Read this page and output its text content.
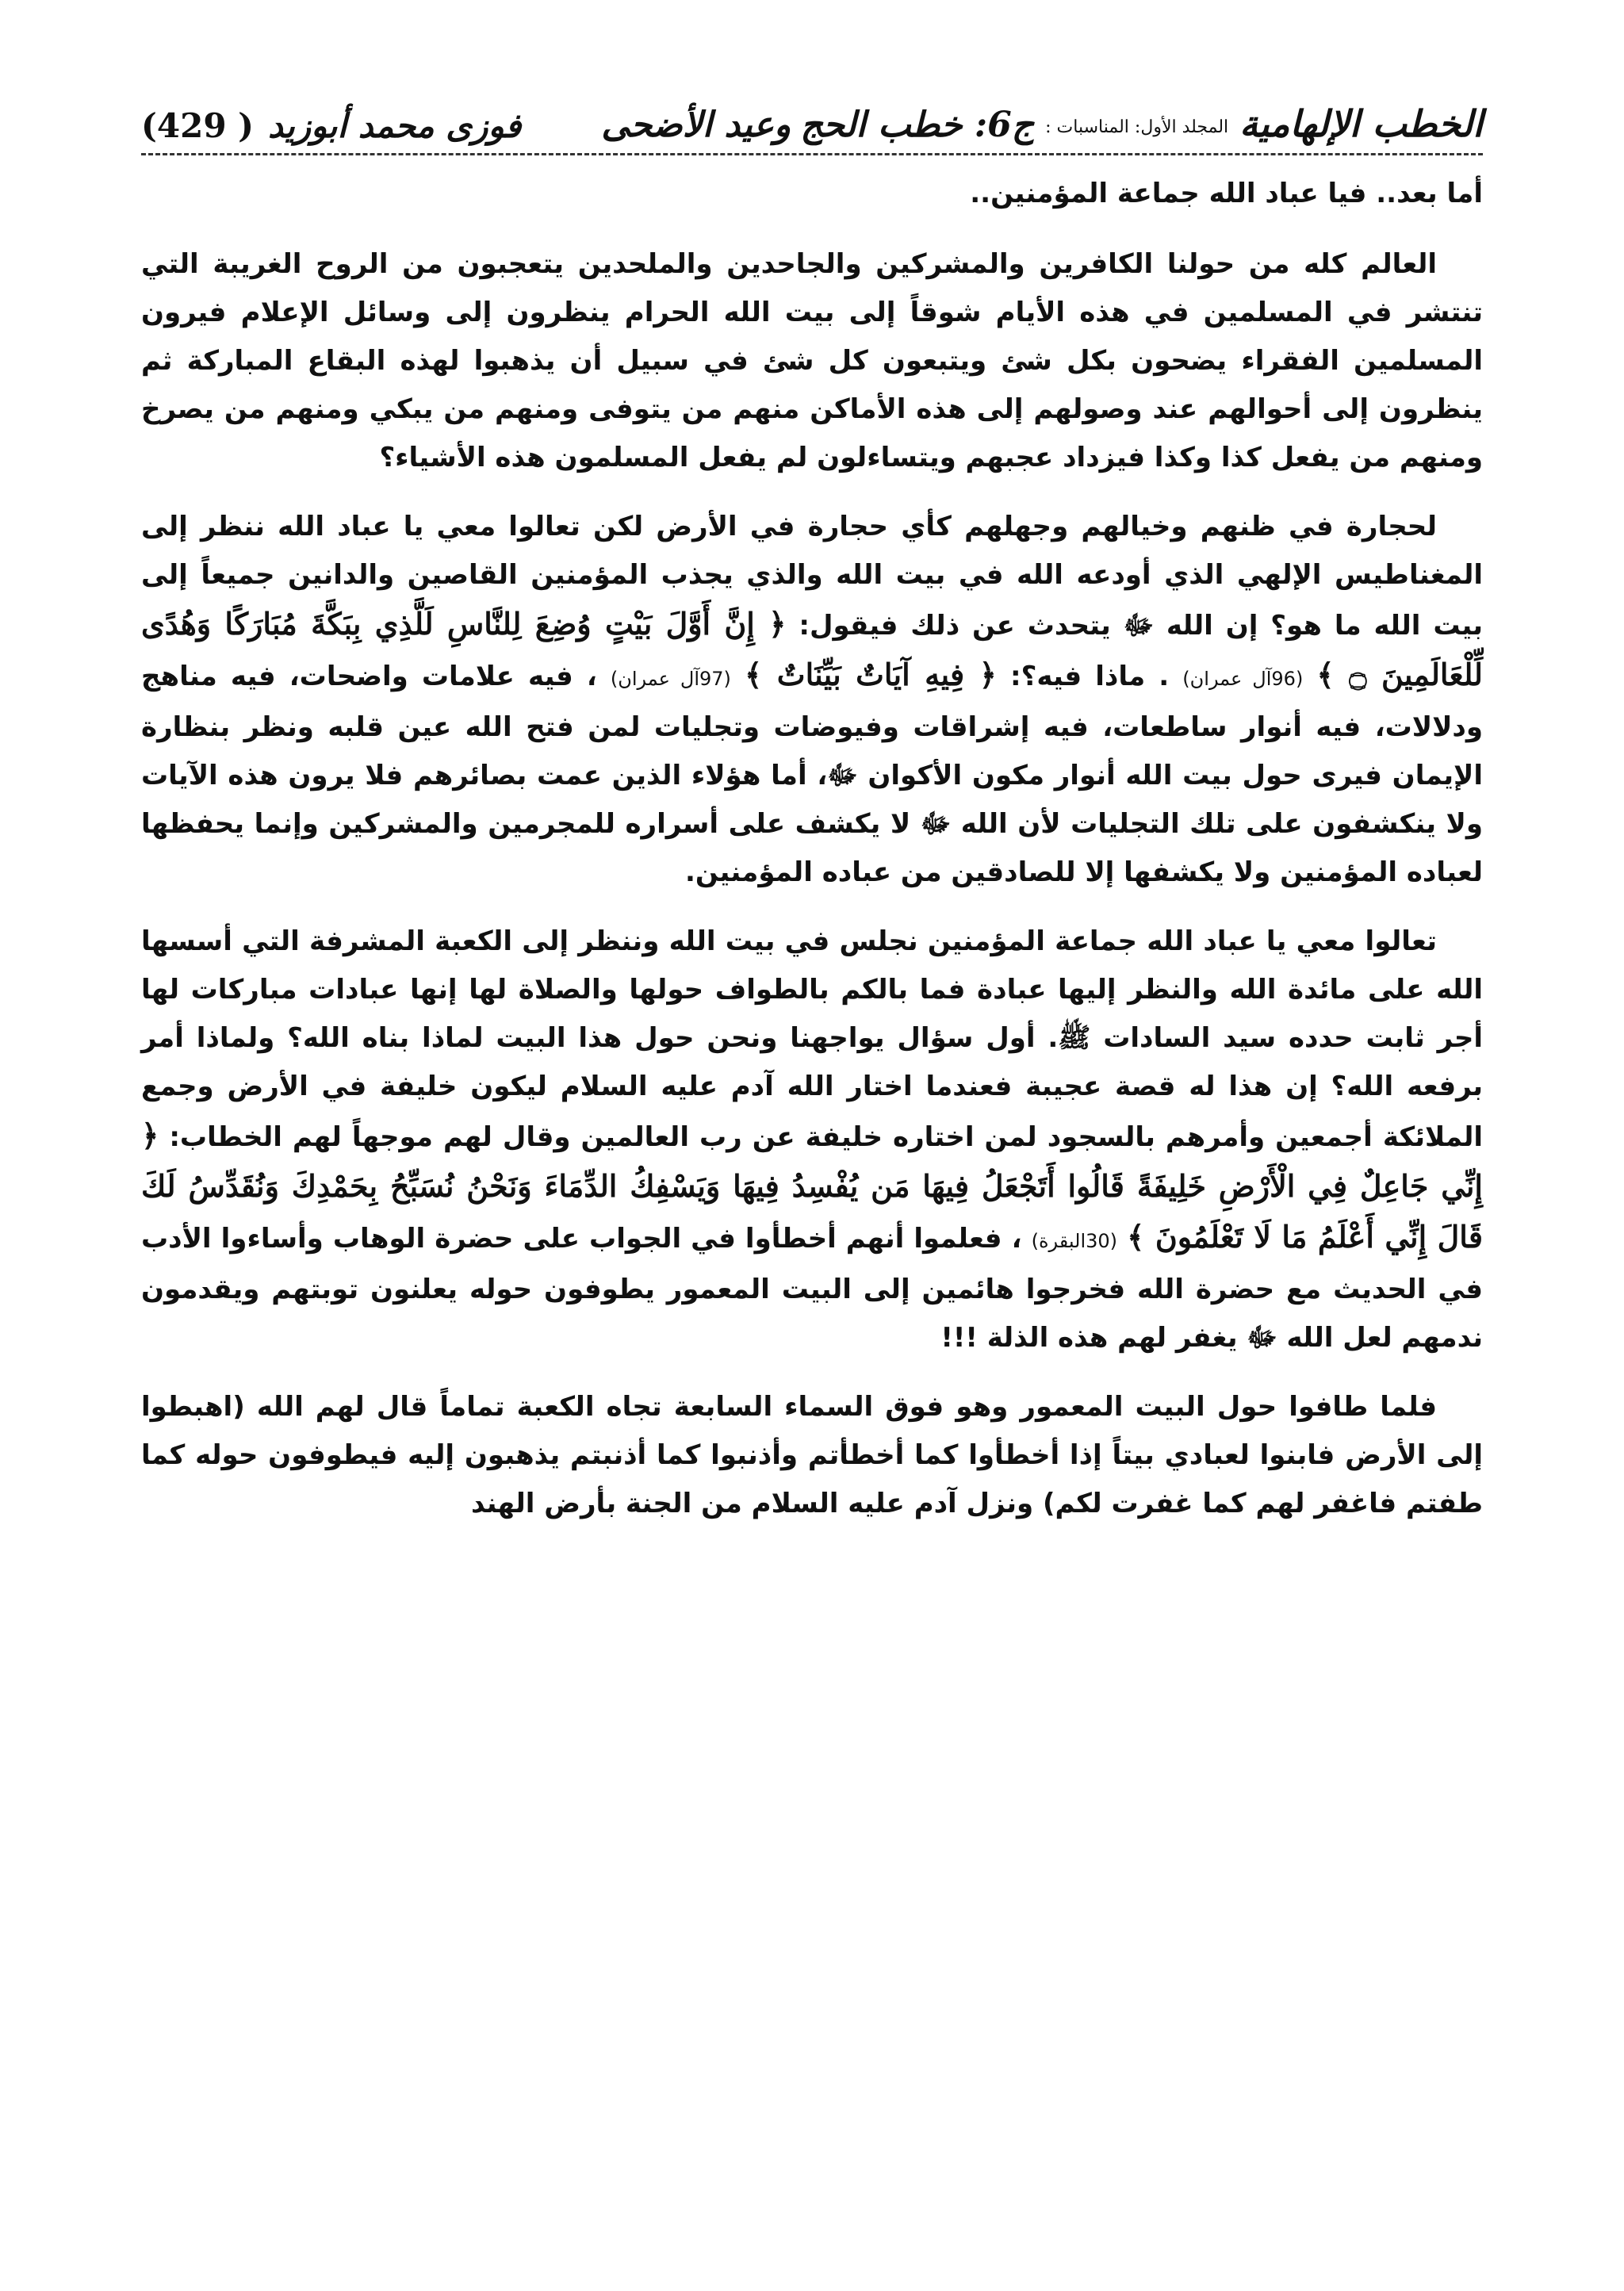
الخطب الإلهامية
المجلد الأول: المناسبات :
ج6: خطب الحج
وعيد الأضحى
فوزى محمد أبوزيد
(429 )
أما بعد.. فيا عباد الله جماعة المؤمنين..

العالم كله من حولنا الكافرين والمشركين والجاحدين والملحدين يتعجبون من الروح الغريبة التي تنتشر في المسلمين في هذه الأيام شوقاً إلى بيت الله الحرام ينظرون إلى وسائل الإعلام فيرون المسلمين الفقراء يضحون بكل شئ ويتبعون كل شئ في سبيل أن يذهبوا لهذه البقاع المباركة ثم ينظرون إلى أحوالهم عند وصولهم إلى هذه الأماكن منهم من يتوفى ومنهم من يبكي ومنهم من يصرخ ومنهم من يفعل كذا وكذا فيزداد عجبهم ويتساءلون لم يفعل المسلمون هذه الأشياء؟

لحجارة في ظنهم وخيالهم وجهلهم كأي حجارة في الأرض لكن تعالوا معي يا عباد الله ننظر إلى المغناطيس الإلهي الذي أودعه الله في بيت الله والذي يجذب المؤمنين القاصين والدانين جميعاً إلى بيت الله ما هو؟ إن الله ﷻ يتحدث عن ذلك فيقول: ﴿ إِنَّ أَوَّلَ بَيْتٍ وُضِعَ لِلنَّاسِ لَلَّذِي بِبَكَّةَ مُبَارَكًا وَهُدًى لِّلْعَالَمِينَ ۝ ﴾ (96آل عمران) . ماذا فيه؟: ﴿ فِيهِ آيَاتٌ بَيِّنَاتٌ ﴾ (97آل عمران) ، فيه علامات واضحات، فيه مناهج ودلالات، فيه أنوار ساطعات، فيه إشراقات وفيوضات وتجليات لمن فتح الله عين قلبه ونظر بنظارة الإيمان فيرى حول بيت الله أنوار مكون الأكوان ﷻ، أما هؤلاء الذين عمت بصائرهم فلا يرون هذه الآيات ولا ينكشفون على تلك التجليات لأن الله ﷻ لا يكشف على أسراره للمجرمين والمشركين وإنما يحفظها لعباده المؤمنين ولا يكشفها إلا للصادقين من عباده المؤمنين.

تعالوا معي يا عباد الله جماعة المؤمنين نجلس في بيت الله وننظر إلى الكعبة المشرفة التي أسسها الله على مائدة الله والنظر إليها عبادة فما بالكم بالطواف حولها والصلاة لها إنها عبادات مباركات لها أجر ثابت حدده سيد السادات ﷺ. أول سؤال يواجهنا ونحن حول هذا البيت لماذا بناه الله؟ ولماذا أمر برفعه الله؟ إن هذا له قصة عجيبة فعندما اختار الله آدم عليه السلام ليكون خليفة في الأرض وجمع الملائكة أجمعين وأمرهم بالسجود لمن اختاره خليفة عن رب العالمين وقال لهم موجهاً لهم الخطاب: ﴿ إِنِّي جَاعِلٌ فِي الْأَرْضِ خَلِيفَةً قَالُوا أَتَجْعَلُ فِيهَا مَن يُفْسِدُ فِيهَا وَيَسْفِكُ الدِّمَاءَ وَنَحْنُ نُسَبِّحُ بِحَمْدِكَ وَنُقَدِّسُ لَكَ قَالَ إِنِّي أَعْلَمُ مَا لَا تَعْلَمُونَ ﴾ (30البقرة) ، فعلموا أنهم أخطأوا في الجواب على حضرة الوهاب وأساءوا الأدب في الحديث مع حضرة الله فخرجوا هائمين إلى البيت المعمور يطوفون حوله يعلنون توبتهم ويقدمون ندمهم لعل الله ﷻ يغفر لهم هذه الذلة !!!

فلما طافوا حول البيت المعمور وهو فوق السماء السابعة تجاه الكعبة تماماً قال لهم الله (اهبطوا إلى الأرض فابنوا لعبادي بيتاً إذا أخطأوا كما أخطأتم وأذنبوا كما أذنبتم يذهبون إليه فيطوفون حوله كما طفتم فاغفر لهم كما غفرت لكم) ونزل آدم عليه السلام من الجنة بأرض الهند
